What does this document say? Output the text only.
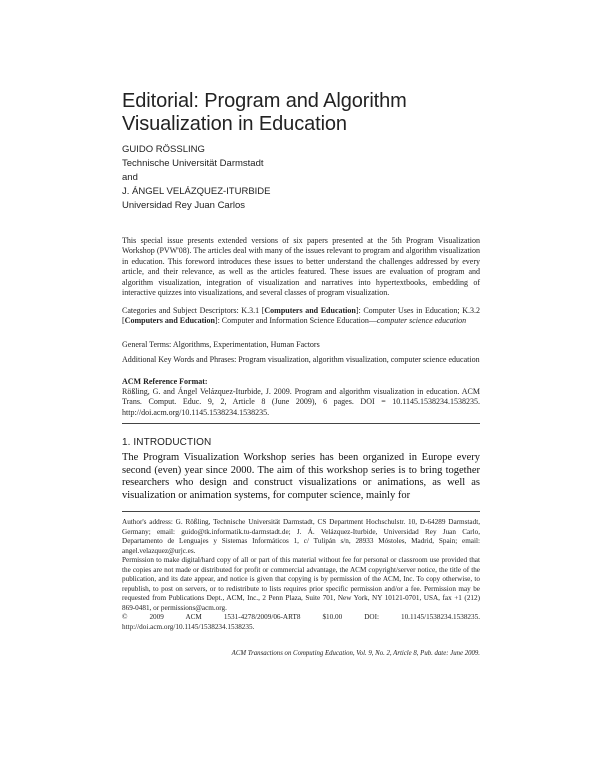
Editorial: Program and Algorithm
Visualization in Education
GUIDO RÖSSLING
Technische Universität Darmstadt
and
J. ÁNGEL VELÁZQUEZ-ITURBIDE
Universidad Rey Juan Carlos
This special issue presents extended versions of six papers presented at the 5th Program Visualization Workshop (PVW'08). The articles deal with many of the issues relevant to program and algorithm visualization in education. This foreword introduces these issues to better understand the challenges addressed by every article, and their relevance, as well as the articles featured. These issues are evaluation of program and algorithm visualization, integration of visualization and narratives into hypertextbooks, embedding of interactive quizzes into visualizations, and several classes of program visualization.
Categories and Subject Descriptors: K.3.1 [Computers and Education]: Computer Uses in Education; K.3.2 [Computers and Education]: Computer and Information Science Education—computer science education
General Terms: Algorithms, Experimentation, Human Factors
Additional Key Words and Phrases: Program visualization, algorithm visualization, computer science education
ACM Reference Format:
Rößling, G. and Ángel Velázquez-Iturbide, J. 2009. Program and algorithm visualization in education. ACM Trans. Comput. Educ. 9, 2, Article 8 (June 2009), 6 pages. DOI = 10.1145.1538234.1538235. http://doi.acm.org/10.1145.1538234.1538235.
1. INTRODUCTION
The Program Visualization Workshop series has been organized in Europe every second (even) year since 2000. The aim of this workshop series is to bring together researchers who design and construct visualizations or animations, as well as visualization or animation systems, for computer science, mainly for

Author's address: G. Rößling, Technische Universität Darmstadt, CS Department Hochschulstr. 10, D-64289 Darmstadt, Germany; email: guido@tk.informatik.tu-darmstadt.de; J. Á. Velázquez-Iturbide, Universidad Rey Juan Carlo, Departamento de Lenguajes y Sistemas Informáticos 1, c/ Tulipán s/n, 28933 Móstoles, Madrid, Spain; email: angel.velazquez@urjc.es.

Permission to make digital/hard copy of all or part of this material without fee for personal or classroom use provided that the copies are not made or distributed for profit or commercial advantage, the ACM copyright/server notice, the title of the publication, and its date appear, and notice is given that copying is by permission of the ACM, Inc. To copy otherwise, to republish, to post on servers, or to redistribute to lists requires prior specific permission and/or a fee. Permission may be requested from Publications Dept., ACM, Inc., 2 Penn Plaza, Suite 701, New York, NY 10121-0701, USA, fax +1 (212) 869-0481, or permissions@acm.org.

© 2009 ACM 1531-4278/2009/06-ART8 $10.00 DOI: 10.1145/1538234.1538235. http://doi.acm.org/10.1145/1538234.1538235.

ACM Transactions on Computing Education, Vol. 9, No. 2, Article 8, Pub. date: June 2009.
